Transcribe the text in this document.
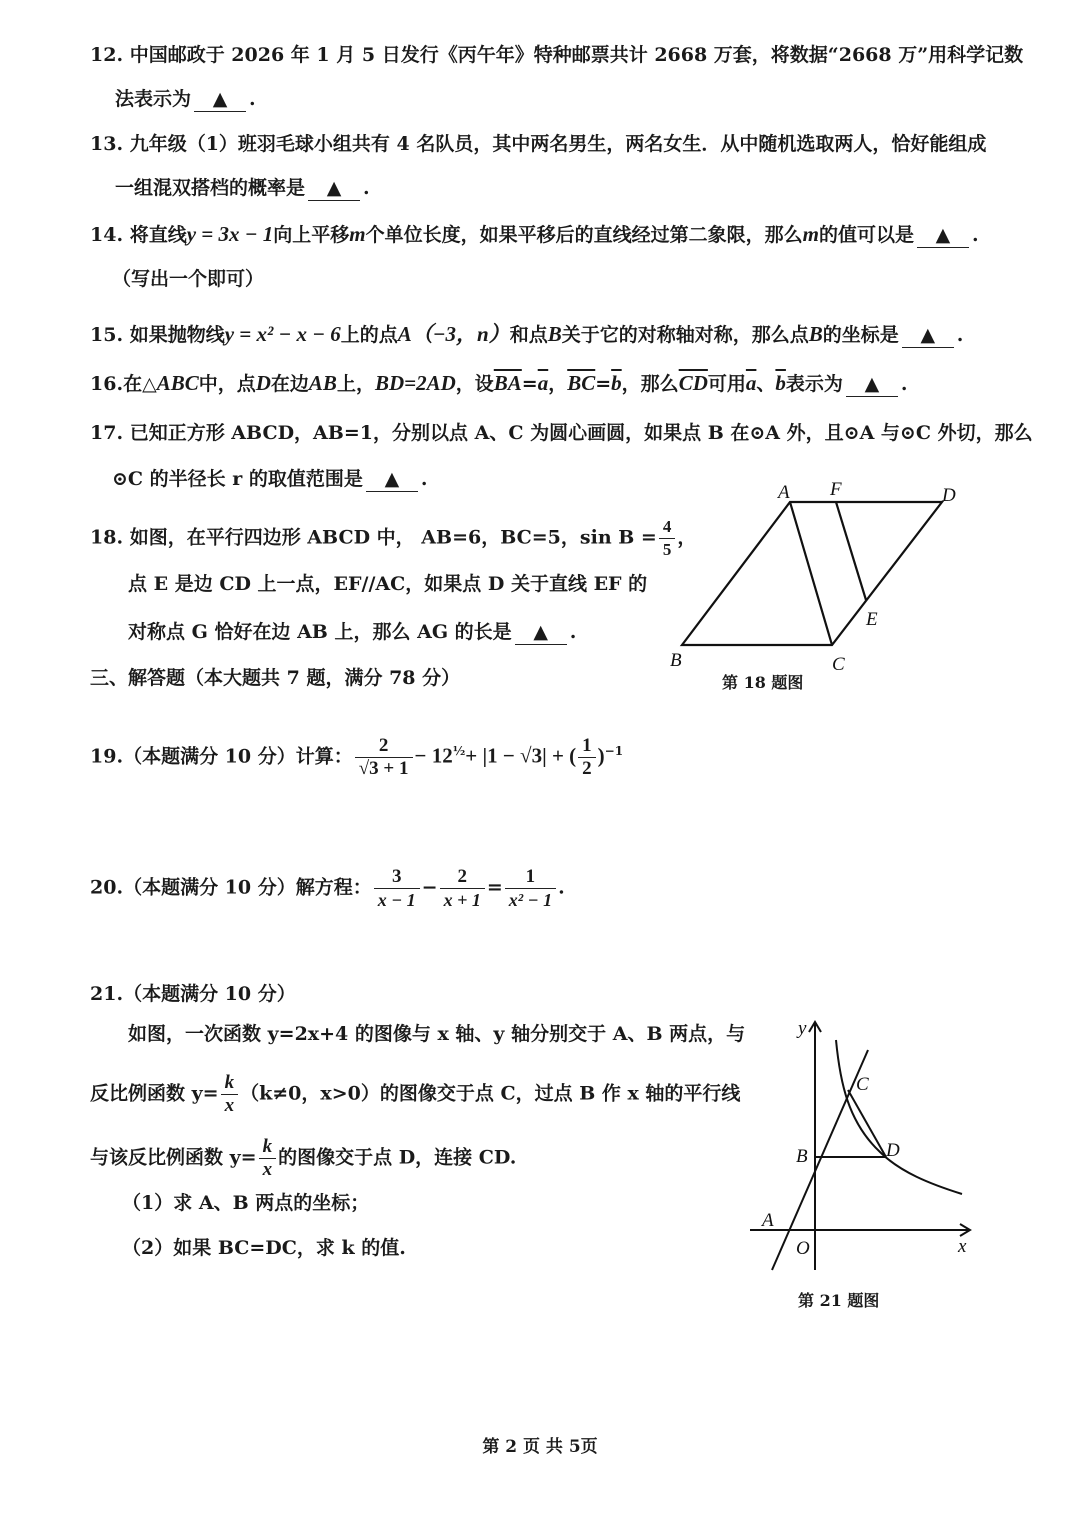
12. 中国邮政于 2026 年 1 月 5 日发行《丙午年》特种邮票共计 2668 万套，将数据“2668 万”用科学记数
法表示为 ▲ .
13. 九年级（1）班羽毛球小组共有 4 名队员，其中两名男生，两名女生．从中随机选取两人，恰好能组成
一组混双搭档的概率是 ▲ .
14. 将直线y = 3x − 1向上平移m个单位长度，如果平移后的直线经过第二象限，那么m的值可以是 ▲ .
（写出一个即可）
15. 如果抛物线y = x² − x − 6上的点A（−3，n）和点B关于它的对称轴对称，那么点B的坐标是 ▲ .
16.在△ABC中，点D在边AB上，BD=2AD，设$\overline{BA}=\overline{a}$，$\overline{BC}=\overline{b}$，那么$\overline{CD}$可用$\overline{a}$、$\overline{b}$表示为 ▲ .
17. 已知正方形 ABCD，AB=1，分别以点 A、C 为圆心画圆，如果点 B 在⊙A 外，且⊙A 与⊙C 外切，那么
⊙C 的半径长 r 的取值范围是 ▲ .
18. 如图，在平行四边形 ABCD 中， AB=6，BC=5，$\sin B = \frac{4}{5}$ ，
点 E 是边 CD 上一点，EF//AC，如果点 D 关于直线 EF 的
对称点 G 恰好在边 AB 上，那么 AG 的长是 ▲ .
A F	D
B	C
E
第 18 题图
三、解答题（本大题共 7 题，满分 78 分）
19.（本题满分 10 分）计算： $\frac{2}{√3 + 1} - 12^{\frac{1}{2}}+ |1 - √3|$ + ( $\frac{1}{2} )^{-1}$
20.（本题满分 10 分）解方程： $\frac{3}{x - 1} - \frac{2}{x + 1} = \frac{1}{\text{x² − 1}}$ .
21.（本题满分 10 分）
如图，一次函数 y=2x+4 的图像与 x 轴、y 轴分别交于 A、B 两点，与
反比例函数 $y= \frac{k}{x} (k\ne 0$，x>0）的图像交于点 C，过点 B 作 x 轴的平行线
与该反比例函数 $y= \frac{k}{x}$ 的图像交于点 D，连接 CD.
（1）求 A、B 两点的坐标；
（2）如果 BC=DC，求 k 的值.
y
x
O
A
B
C
D
第 21 题图
第 2 页 共 5页
